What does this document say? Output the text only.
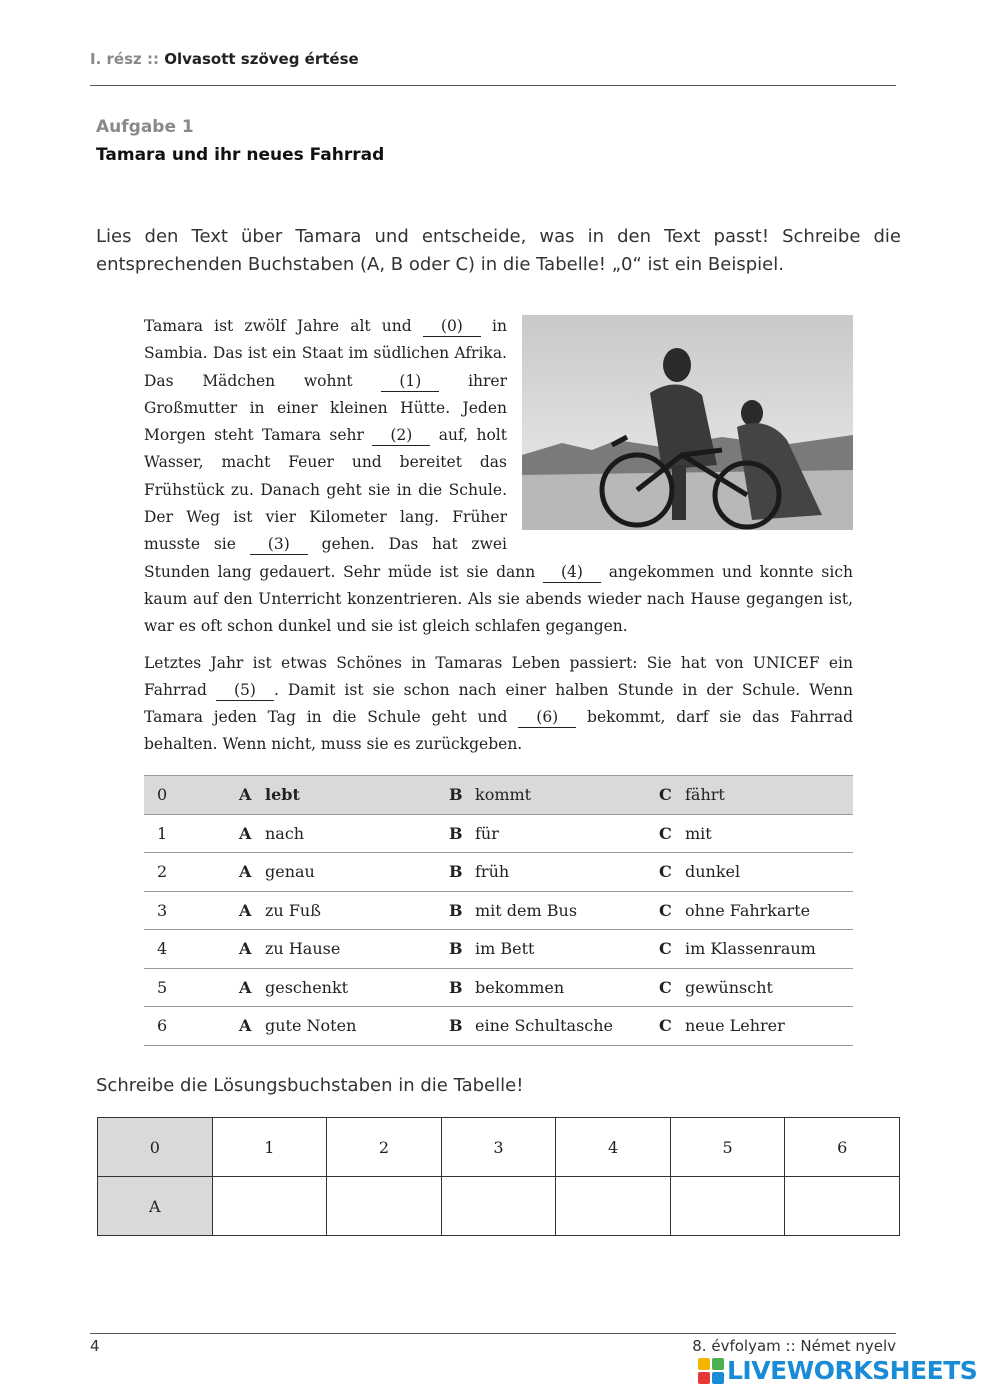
I. rész :: Olvasott szöveg értése
Aufgabe 1
Tamara und ihr neues Fahrrad
Lies den Text über Tamara und entscheide, was in den Text passt! Schreibe die entsprechenden Buchstaben (A, B oder C) in die Tabelle! „0“ ist ein Beispiel.

Tamara ist zwölf Jahre alt und (0) in Sambia. Das ist ein Staat im südlichen Afrika. Das Mädchen wohnt	(1)	ihrer Großmutter in einer kleinen Hütte. Jeden Morgen steht Tamara sehr (2) auf, holt Wasser, macht Feuer und bereitet das Frühstück zu. Danach geht sie in die Schule. Der Weg ist vier Kilometer lang. Früher musste sie (3) gehen. Das hat zwei Stunden lang gedauert. Sehr müde ist sie dann (4) angekommen und konnte sich kaum auf den Unterricht konzentrieren. Als sie abends wieder nach Hause gegangen ist, war es oft schon dunkel und sie ist gleich schlafen gegangen.

Letztes Jahr ist etwas Schönes in Tamaras Leben passiert: Sie hat von UNICEF ein Fahrrad (5) . Damit ist sie schon nach einer halben Stunde in der Schule. Wenn Tamara jeden Tag in die Schule geht und (6) bekommt, darf sie das Fahrrad behalten. Wenn nicht, muss sie es zurückgeben.

0	A lebt	B kommt	C fährt
1	A nach	B für	C mit
2	A genau	B früh	C dunkel
3	A zu Fuß	B mit dem Bus	C ohne Fahrkarte
4	A zu Hause	B im Bett	C im Klassenraum
5	A geschenkt	B bekommen	C gewünscht
6	A gute Noten	B eine Schultasche	C neue Lehrer
Schreibe die Lösungsbuchstaben in die Tabelle!
0	1	2	3	4	5	6
A						
4	8. évfolyam :: Német nyelv
LIVEWORKSHEETS
